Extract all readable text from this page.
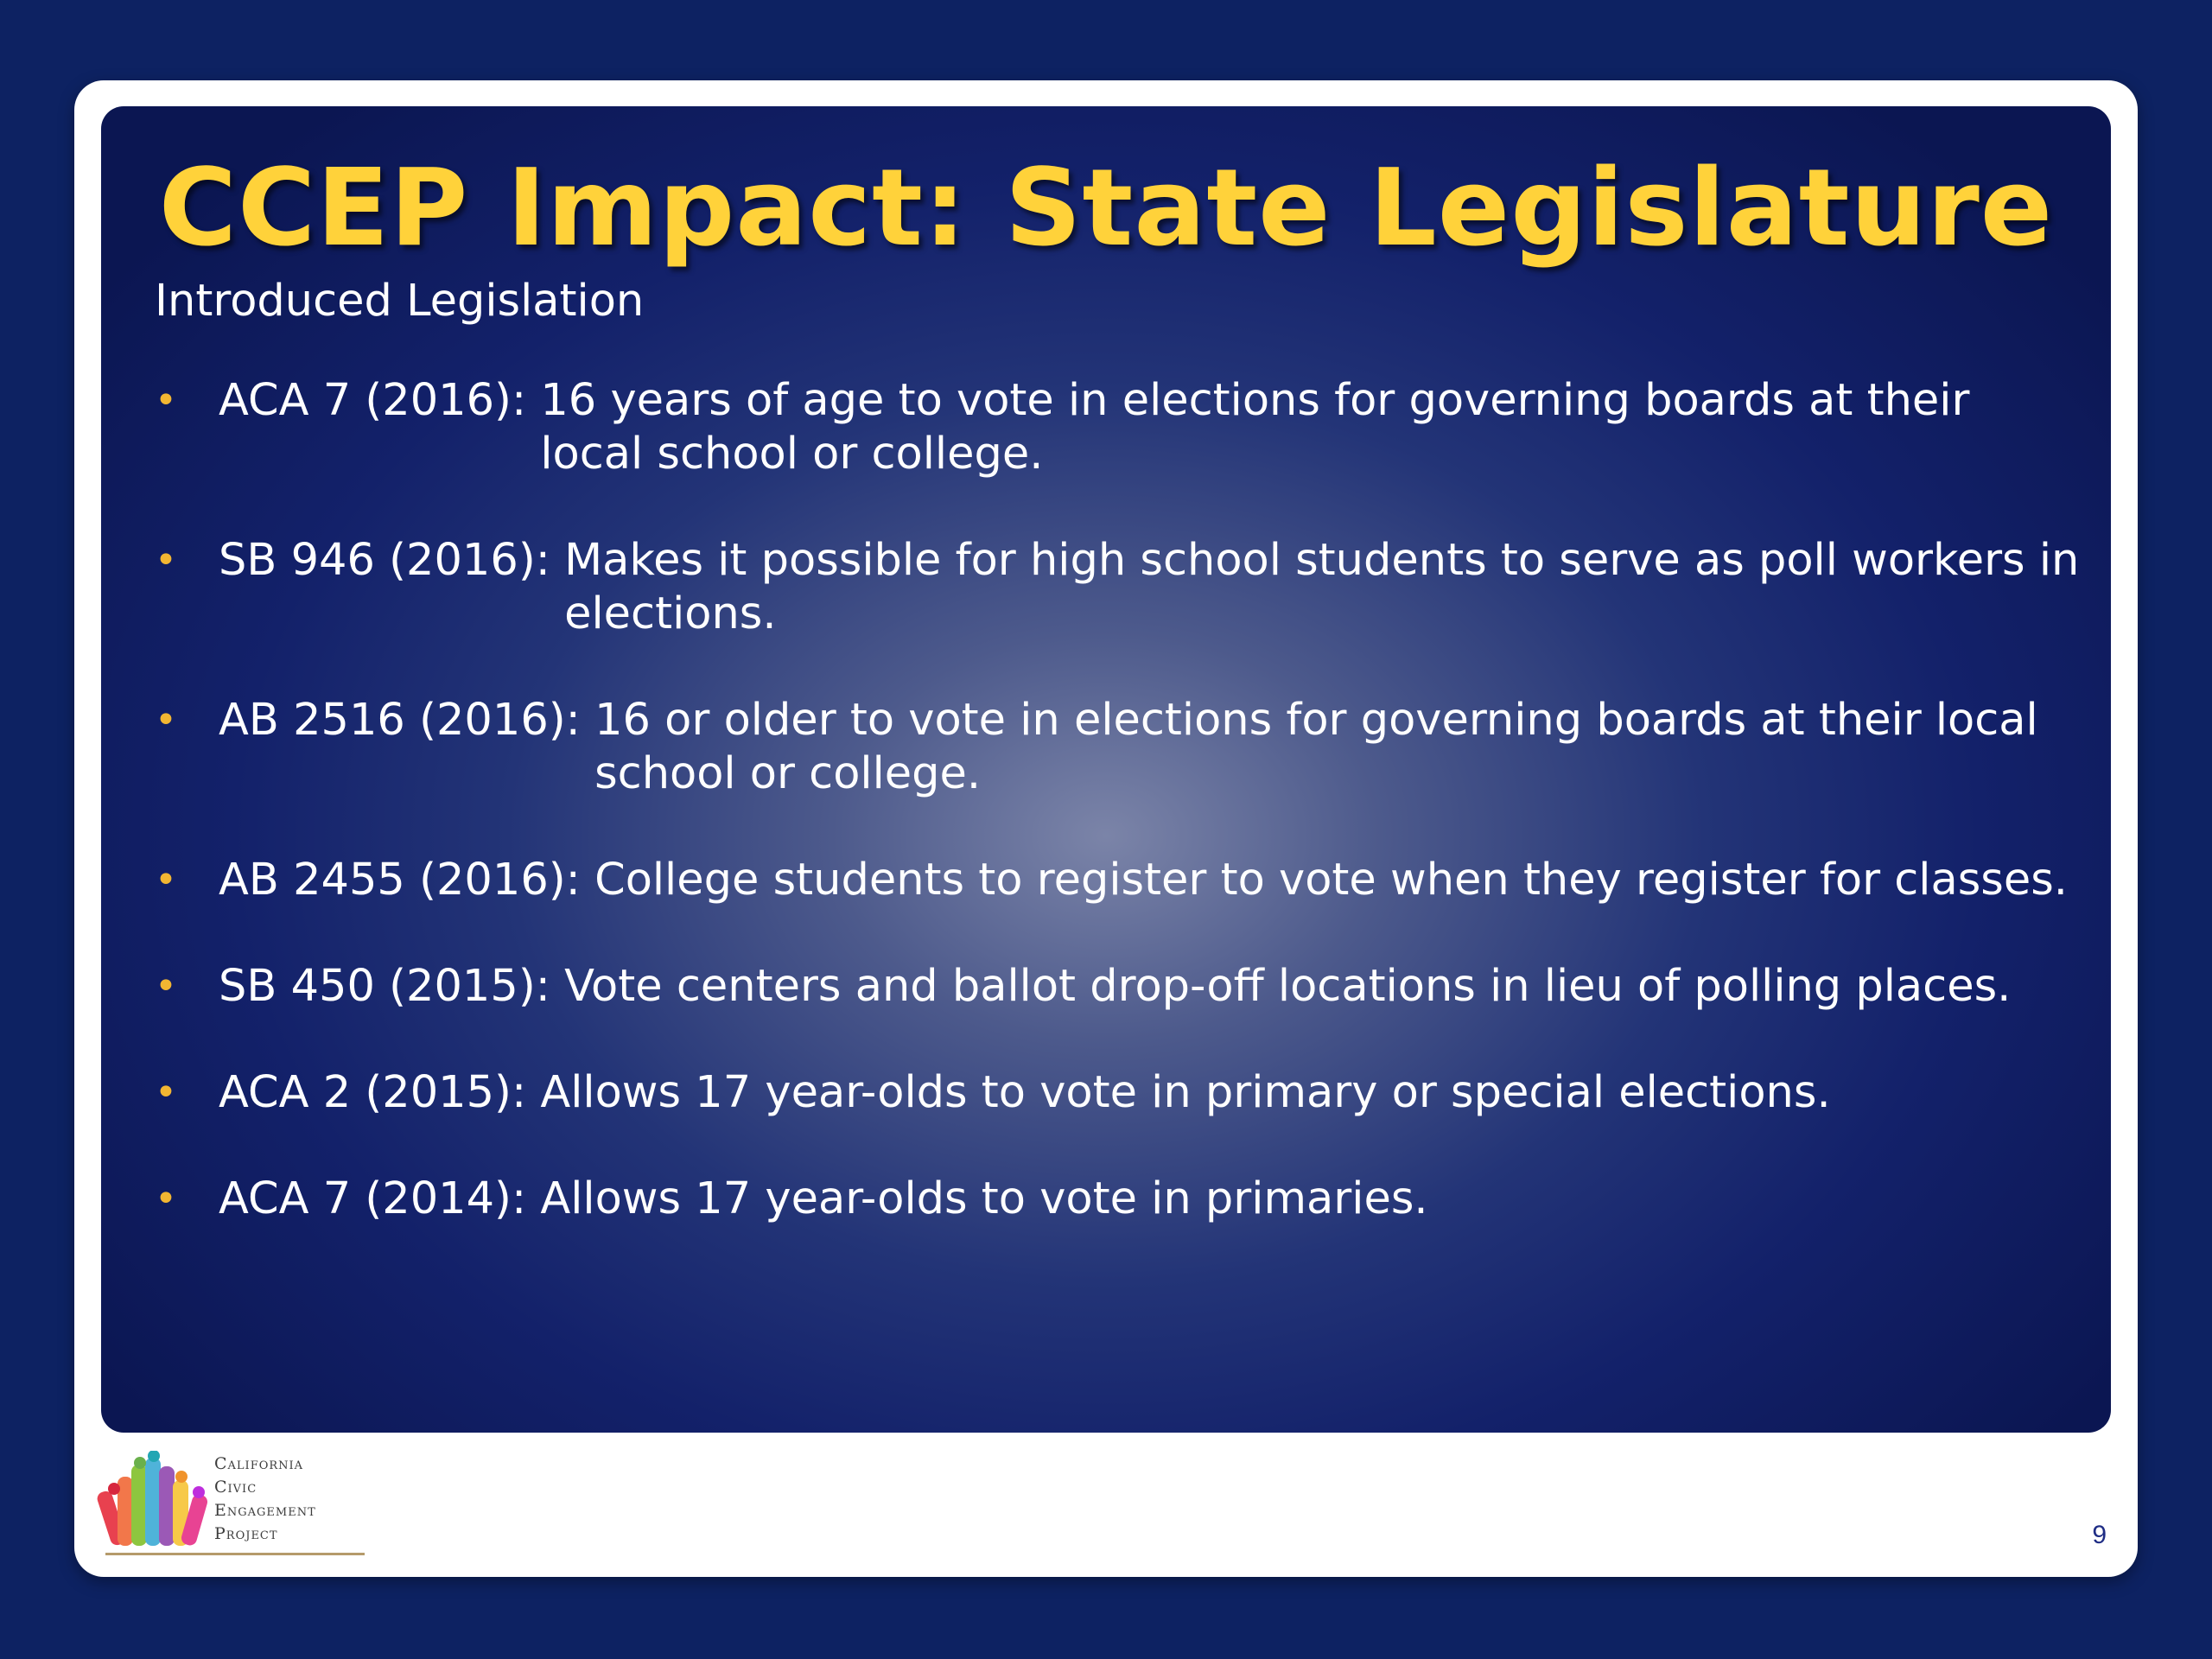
CCEP Impact: State Legislature
Introduced Legislation
• ACA 7 (2016): 16 years of age to vote in elections for governing boards at their local school or college.
• SB 946 (2016): Makes it possible for high school students to serve as poll workers in elections.
• AB 2516 (2016): 16 or older to vote in elections for governing boards at their local school or college.
• AB 2455 (2016): College students to register to vote when they register for classes.
• SB 450 (2015): Vote centers and ballot drop-off locations in lieu of polling places.
• ACA 2 (2015): Allows 17 year-olds to vote in primary or special elections.
• ACA 7 (2014): Allows 17 year-olds to vote in primaries.
California
Civic
Engagement
Project	9
